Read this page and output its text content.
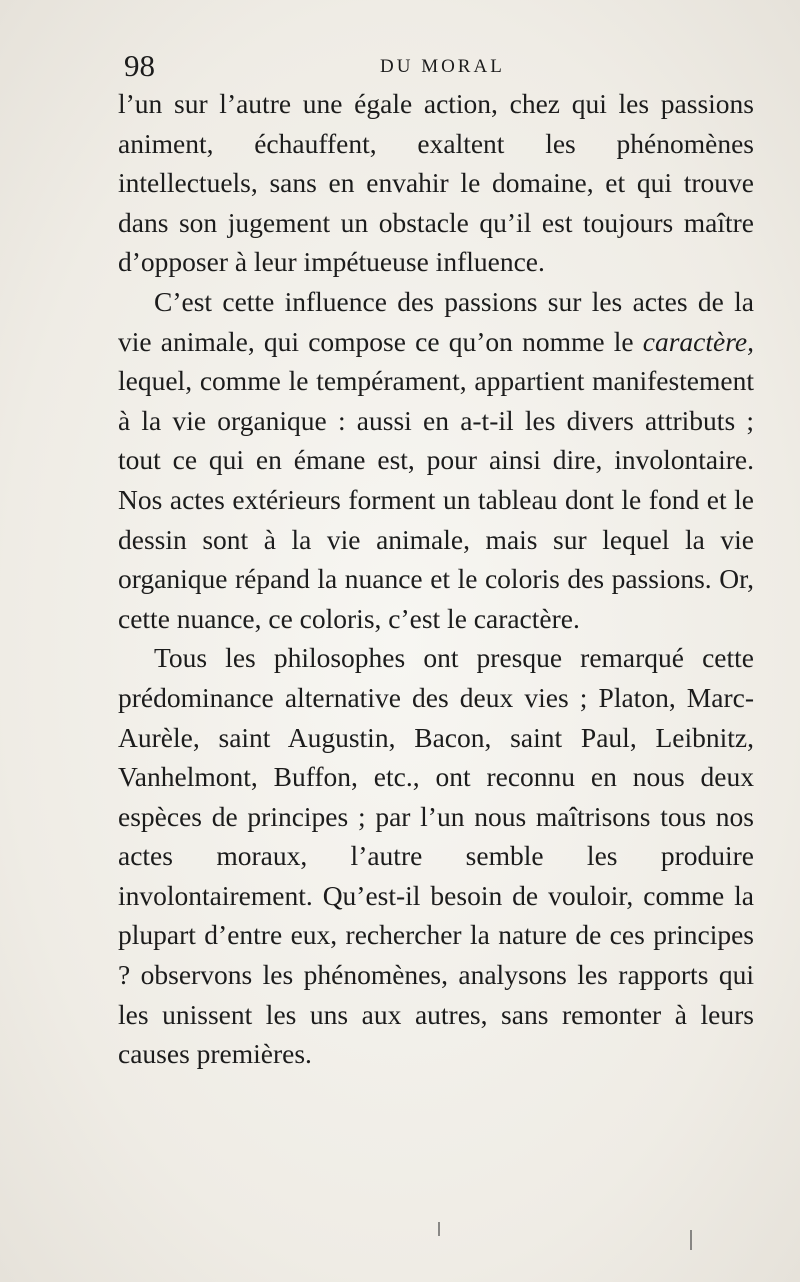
98	DU MORAL

l’un sur l’autre une égale action, chez qui les passions animent, échauffent, exaltent les phénomènes intellectuels, sans en envahir le domaine, et qui trouve dans son jugement un obstacle qu’il est toujours maître d’opposer à leur impétueuse influence.

C’est cette influence des passions sur les actes de la vie animale, qui compose ce qu’on nomme le caractère, lequel, comme le tempérament, appartient manifestement à la vie organique : aussi en a-t-il les divers attributs ; tout ce qui en émane est, pour ainsi dire, involontaire. Nos actes extérieurs forment un tableau dont le fond et le dessin sont à la vie animale, mais sur lequel la vie organique répand la nuance et le coloris des passions. Or, cette nuance, ce coloris, c’est le caractère.

Tous les philosophes ont presque remarqué cette prédominance alternative des deux vies ; Platon, Marc-Aurèle, saint Augustin, Bacon, saint Paul, Leibnitz, Vanhelmont, Buffon, etc., ont reconnu en nous deux espèces de principes ; par l’un nous maîtrisons tous nos actes moraux, l’autre semble les produire involontairement. Qu’est-il besoin de vouloir, comme la plupart d’entre eux, rechercher la nature de ces principes ? observons les phénomènes, analysons les rapports qui les unissent les uns aux autres, sans remonter à leurs causes premières.
